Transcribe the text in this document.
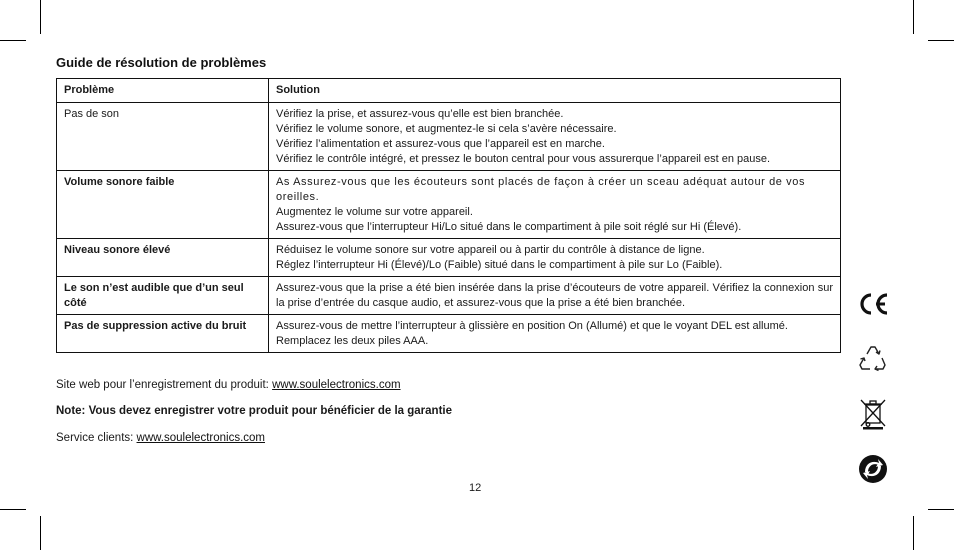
Guide de résolution de problèmes
Problème	Solution
Pas de son	Vérifiez la prise, et assurez-vous qu’elle est bien branchée.
Vérifiez le volume sonore, et augmentez-le si cela s’avère nécessaire.
Vérifiez l’alimentation et assurez-vous que l’appareil est en marche.
Vérifiez le contrôle intégré, et pressez le bouton central pour vous assurerque l’appareil est en pause.

Volume sonore faible	As Assurez-vous que les écouteurs sont placés de façon à créer un sceau adéquat autour de vos oreilles.
Augmentez le volume sur votre appareil.
Assurez-vous que l’interrupteur Hi/Lo situé dans le compartiment à pile soit réglé sur Hi (Élevé).

Niveau sonore élevé	Réduisez le volume sonore sur votre appareil ou à partir du contrôle à distance de ligne.
Réglez l’interrupteur Hi (Élevé)/Lo (Faible) situé dans le compartiment à pile sur Lo (Faible).

Le son n’est audible que d’un seul côté	Assurez-vous que la prise a été bien insérée dans la prise d’écouteurs de votre appareil. Vérifiez la connexion sur la prise d’entrée du casque audio, et assurez-vous que la prise a été bien branchée.

Pas de suppression active du bruit	Assurez-vous de mettre l’interrupteur à glissière en position On (Allumé) et que le voyant DEL est allumé.
Remplacez les deux piles AAA.
Site web pour l’enregistrement du produit: www.soulelectronics.com
Note: Vous devez enregistrer votre produit pour bénéficier de la garantie
Service clients: www.soulelectronics.com
12
